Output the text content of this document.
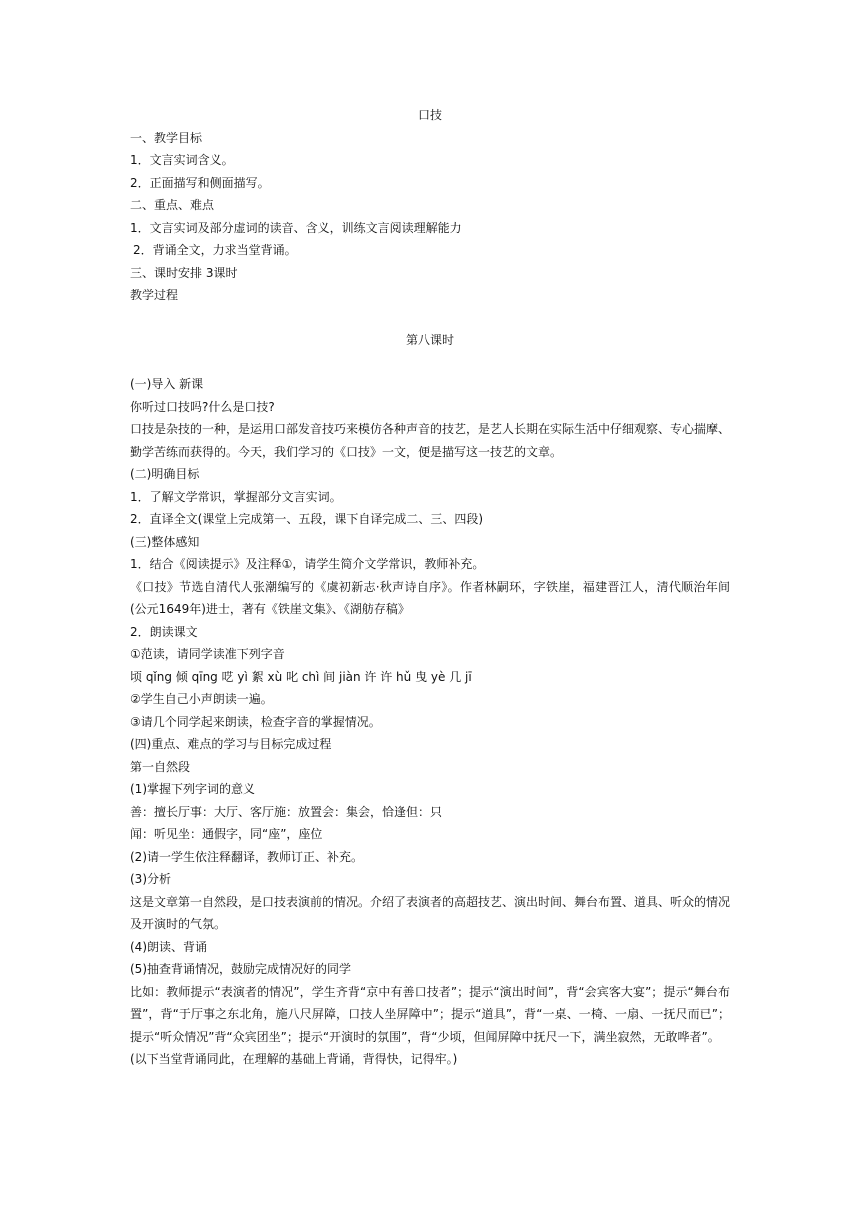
口技
一、教学目标
1．文言实词含义。
2．正面描写和侧面描写。
二、重点、难点
1．文言实词及部分虚词的读音、含义，训练文言阅读理解能力
2．背诵全文，力求当堂背诵。
三、课时安排 3课时
教学过程
第八课时
(一)导入 新课
你听过口技吗?什么是口技?
口技是杂技的一种，是运用口部发音技巧来模仿各种声音的技艺，是艺人长期在实际生活中仔细观察、专心揣摩、勤学苦练而获得的。今天，我们学习的《口技》一文，便是描写这一技艺的文章。
(二)明确目标
1．了解文学常识，掌握部分文言实词。
2．直译全文(课堂上完成第一、五段，课下自译完成二、三、四段)
(三)整体感知
1．结合《阅读提示》及注释①，请学生简介文学常识，教师补充。
《口技》节选自清代人张潮编写的《虞初新志·秋声诗自序》。作者林嗣环，字铁崖，福建晋江人，清代顺治年间(公元1649年)进士，著有《铁崖文集》、《湖舫存稿》
2．朗读课文
①范读，请同学读准下列字音
顷 qǐng 倾 qīng 呓 yì 絮 xù 叱 chì 间 jiàn 许 许 hǔ 曳 yè 几 jī
②学生自己小声朗读一遍。
③请几个同学起来朗读，检查字音的掌握情况。
(四)重点、难点的学习与目标完成过程
第一自然段
(1)掌握下列字词的意义
善：擅长厅事：大厅、客厅施：放置会：集会，恰逢但：只
闻：听见坐：通假字，同“座”，座位
(2)请一学生依注释翻译，教师订正、补充。
(3)分析
这是文章第一自然段，是口技表演前的情况。介绍了表演者的高超技艺、演出时间、舞台布置、道具、听众的情况及开演时的气氛。
(4)朗读、背诵
(5)抽查背诵情况，鼓励完成情况好的同学
比如：教师提示“表演者的情况”，学生齐背“京中有善口技者”；提示“演出时间”，背“会宾客大宴”；提示“舞台布置”，背“于厅事之东北角，施八尺屏障，口技人坐屏障中”；提示“道具”，背“一桌、一椅、一扇、一抚尺而已”；提示“听众情况”背“众宾团坐”；提示“开演时的氛围”，背“少顷，但闻屏障中抚尺一下，满坐寂然，无敢哗者”。
(以下当堂背诵同此，在理解的基础上背诵，背得快，记得牢。)
